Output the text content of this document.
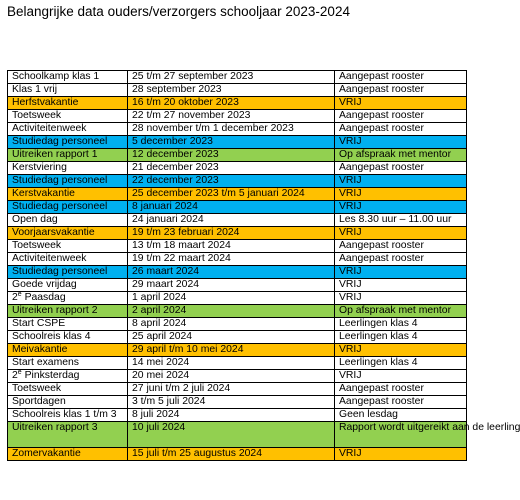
Belangrijke data ouders/verzorgers schooljaar 2023-2024
Schoolkamp klas 1	25 t/m 27 september 2023	Aangepast rooster
Klas 1 vrij	28 september 2023	Aangepast rooster
Herfstvakantie	16 t/m 20 oktober 2023	VRIJ
Toetsweek	22 t/m 27 november 2023	Aangepast rooster
Activiteitenweek	28 november t/m 1 december 2023	Aangepast rooster
Studiedag personeel	5 december 2023	VRIJ
Uitreiken rapport 1	12 december 2023	Op afspraak met mentor
Kerstviering	21 december 2023	Aangepast rooster
Studiedag personeel	22 december 2023	VRIJ
Kerstvakantie	25 december 2023 t/m 5 januari 2024	VRIJ
Studiedag personeel	8 januari 2024	VRIJ
Open dag	24 januari 2024	Les 8.30 uur – 11.00 uur
Voorjaarsvakantie	19 t/m 23 februari 2024	VRIJ
Toetsweek	13 t/m 18 maart 2024	Aangepast rooster
Activiteitenweek	19 t/m 22 maart 2024	Aangepast rooster
Studiedag personeel	26 maart 2024	VRIJ
Goede vrijdag	29 maart 2024	VRIJ
2e Paasdag	1 april 2024	VRIJ
Uitreiken rapport 2	2 april 2024	Op afspraak met mentor
Start CSPE	8 april 2024	Leerlingen klas 4
Schoolreis klas 4	25 april 2024	Leerlingen klas 4
Meivakantie	29 april t/m 10 mei 2024	VRIJ
Start examens	14 mei 2024	Leerlingen klas 4
2e Pinksterdag	20 mei 2024	VRIJ
Toetsweek	27 juni t/m 2 juli 2024	Aangepast rooster
Sportdagen	3 t/m 5 juli 2024	Aangepast rooster
Schoolreis klas 1 t/m 3	8 juli 2024	Geen lesdag
Uitreiken rapport 3	10 juli 2024	Rapport wordt uitgereikt aan de leerling
Zomervakantie	15 juli t/m 25 augustus 2024	VRIJ
